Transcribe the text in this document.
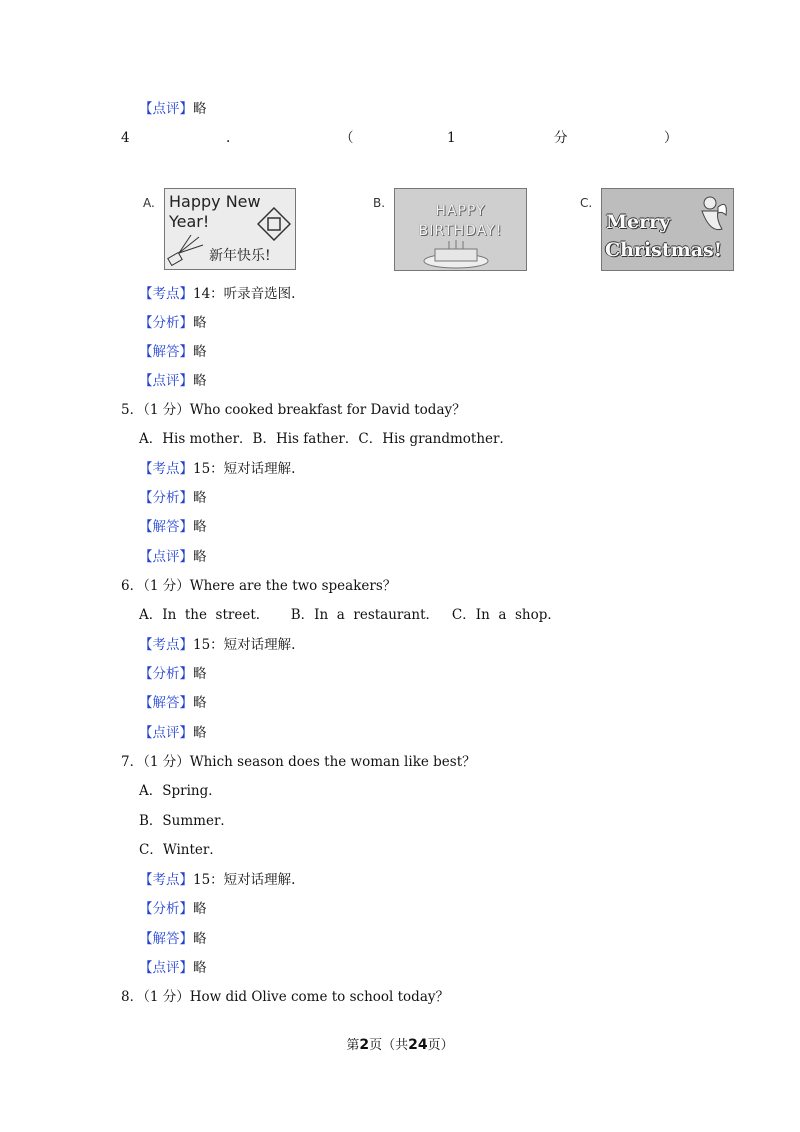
【点评】略
4	.	（	1	分	）
A. Happy New
Year!
新年快乐!
B.	HAPPY
BIRTHDAY!
C.
Merry
Christmas!
【考点】14：听录音选图.
【分析】略
【解答】略
【点评】略
5．（1 分）Who cooked breakfast for David today？
A．His mother．B．His father．C．His grandmother．
【考点】15：短对话理解.
【分析】略
【解答】略
【点评】略
6．（1 分）Where are the two speakers？
A．In  the  street．     B．In  a  restaurant．   C．In  a  shop．
【考点】15：短对话理解.
【分析】略
【解答】略
【点评】略
7．（1 分）Which season does the woman like best？
A．Spring．
B．Summer．
C．Winter．
【考点】15：短对话理解.
【分析】略
【解答】略
【点评】略
8．（1 分）How did Olive come to school today？
第2页（共24页）
